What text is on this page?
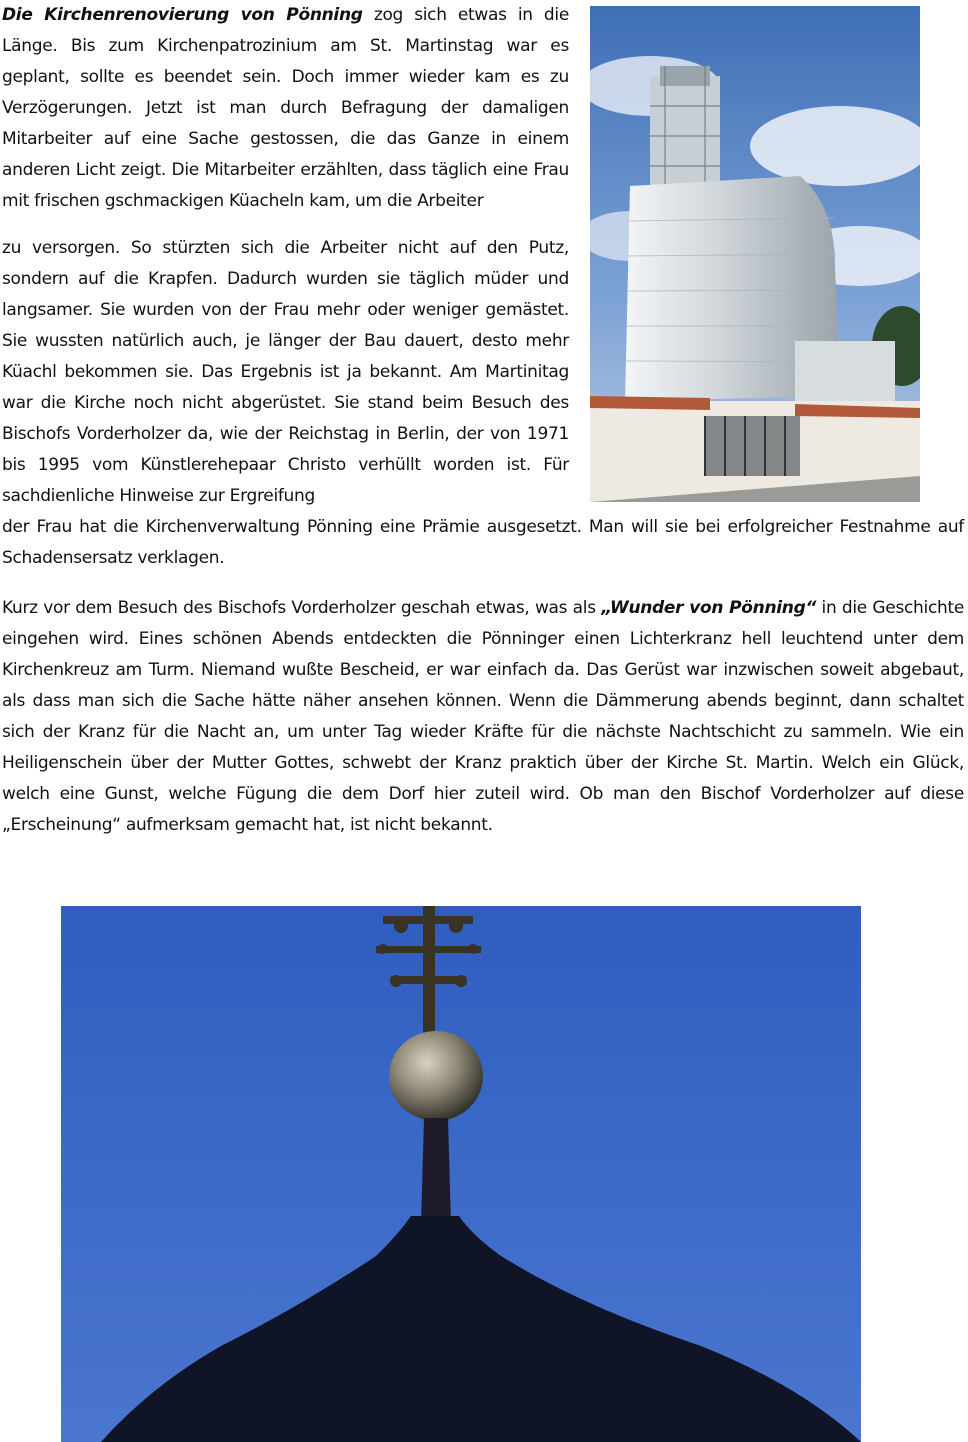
Die Kirchenrenovierung von Pönning zog sich etwas in die Länge. Bis zum Kirchenpatrozinium am St. Martinstag war es geplant, sollte es beendet sein. Doch immer wieder kam es zu Verzögerungen. Jetzt ist man durch Befragung der damaligen Mitarbeiter auf eine Sache gestossen, die das Ganze in einem anderen Licht zeigt. Die Mitarbeiter erzählten, dass täglich eine Frau mit frischen gschmackigen Küacheln kam, um die Arbeiter

zu versorgen. So stürzten sich die Arbeiter nicht auf den Putz, sondern auf die Krapfen. Dadurch wurden sie täglich müder und langsamer. Sie wurden von der Frau mehr oder weniger gemästet. Sie wussten natürlich auch, je länger der Bau dauert, desto mehr Küachl bekommen sie. Das Ergebnis ist ja bekannt. Am Martinitag war die Kirche noch nicht abgerüstet. Sie stand beim Besuch des Bischofs Vorderholzer da, wie der Reichstag in Berlin, der von 1971 bis 1995 vom Künstlerehepaar Christo verhüllt worden ist. Für sachdienliche Hinweise zur Ergreifung

der Frau hat die Kirchenverwaltung Pönning eine Prämie ausgesetzt. Man will sie bei erfolgreicher Festnahme auf Schadensersatz verklagen.

Kurz vor dem Besuch des Bischofs Vorderholzer geschah etwas, was als „Wunder von Pönning“ in die Geschichte eingehen wird. Eines schönen Abends entdeckten die Pönninger einen Lichterkranz hell leuchtend unter dem Kirchenkreuz am Turm. Niemand wußte Bescheid, er war einfach da. Das Gerüst war inzwischen soweit abgebaut, als dass man sich die Sache hätte näher ansehen können. Wenn die Dämmerung abends beginnt, dann schaltet sich der Kranz für die Nacht an, um unter Tag wieder Kräfte für die nächste Nachtschicht zu sammeln. Wie ein Heiligenschein über der Mutter Gottes, schwebt der Kranz praktich über der Kirche St. Martin. Welch ein Glück, welch eine Gunst, welche Fügung die dem Dorf hier zuteil wird. Ob man den Bischof Vorderholzer auf diese „Erscheinung“ aufmerksam gemacht hat, ist nicht bekannt.
